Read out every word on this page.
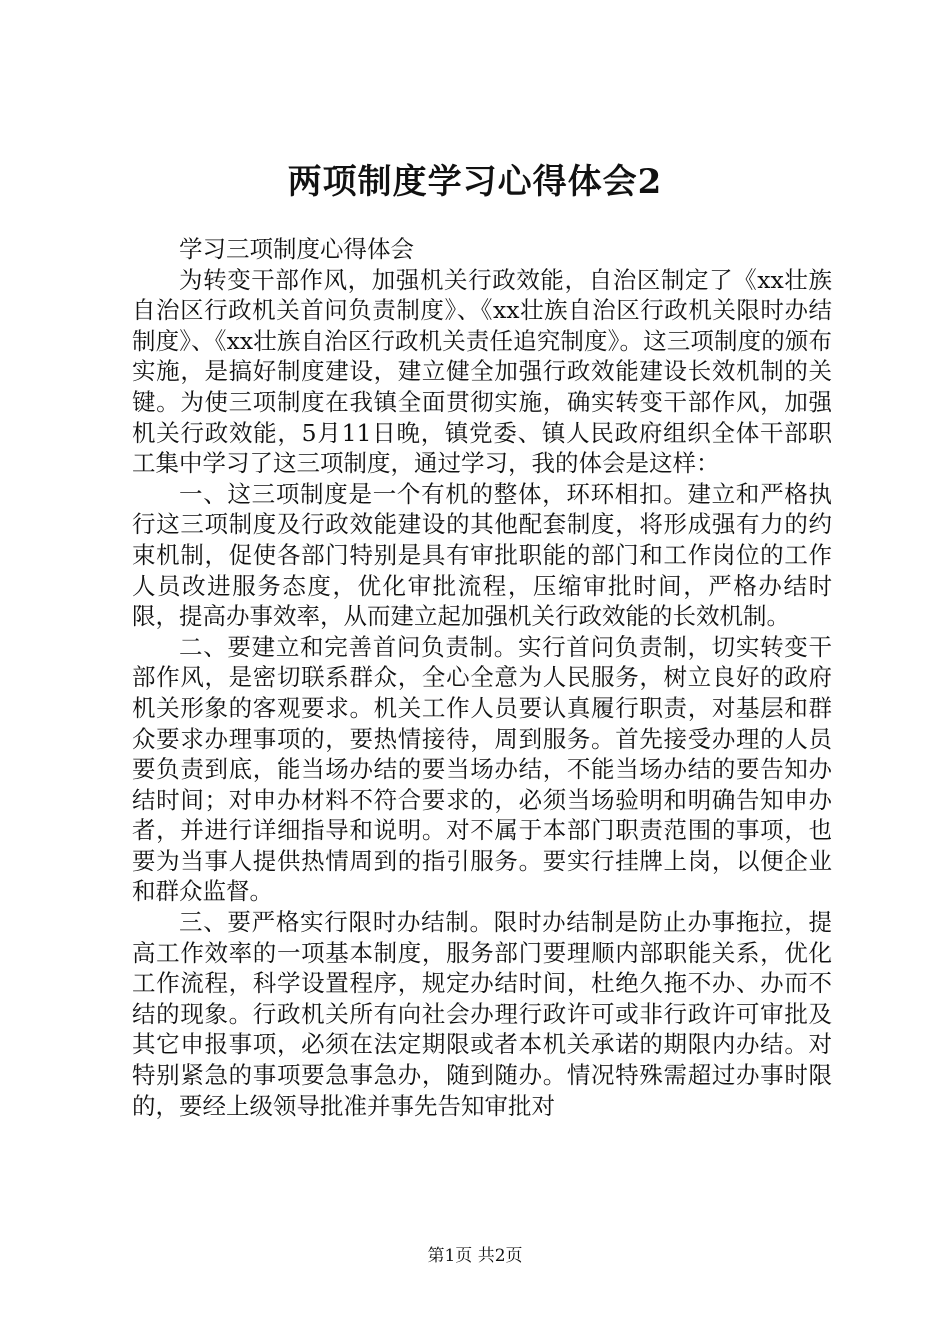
两项制度学习心得体会2

学习三项制度心得体会

为转变干部作风，加强机关行政效能，自治区制定了《xx壮族自治区行政机关首问负责制度》、《xx壮族自治区行政机关限时办结制度》、《xx壮族自治区行政机关责任追究制度》。这三项制度的颁布实施，是搞好制度建设，建立健全加强行政效能建设长效机制的关键。为使三项制度在我镇全面贯彻实施，确实转变干部作风，加强机关行政效能，5月11日晚，镇党委、镇人民政府组织全体干部职工集中学习了这三项制度，通过学习，我的体会是这样：

一、这三项制度是一个有机的整体，环环相扣。建立和严格执行这三项制度及行政效能建设的其他配套制度，将形成强有力的约束机制，促使各部门特别是具有审批职能的部门和工作岗位的工作人员改进服务态度，优化审批流程，压缩审批时间，严格办结时限，提高办事效率，从而建立起加强机关行政效能的长效机制。

二、要建立和完善首问负责制。实行首问负责制，切实转变干部作风，是密切联系群众，全心全意为人民服务，树立良好的政府机关形象的客观要求。机关工作人员要认真履行职责，对基层和群众要求办理事项的，要热情接待，周到服务。首先接受办理的人员要负责到底，能当场办结的要当场办结，不能当场办结的要告知办结时间；对申办材料不符合要求的，必须当场验明和明确告知申办者，并进行详细指导和说明。对不属于本部门职责范围的事项，也要为当事人提供热情周到的指引服务。要实行挂牌上岗，以便企业和群众监督。

三、要严格实行限时办结制。限时办结制是防止办事拖拉，提高工作效率的一项基本制度，服务部门要理顺内部职能关系，优化工作流程，科学设置程序，规定办结时间，杜绝久拖不办、办而不结的现象。行政机关所有向社会办理行政许可或非行政许可审批及其它申报事项，必须在法定期限或者本机关承诺的期限内办结。对特别紧急的事项要急事急办，随到随办。情况特殊需超过办事时限的，要经上级领导批准并事先告知审批对

第1页 共2页
